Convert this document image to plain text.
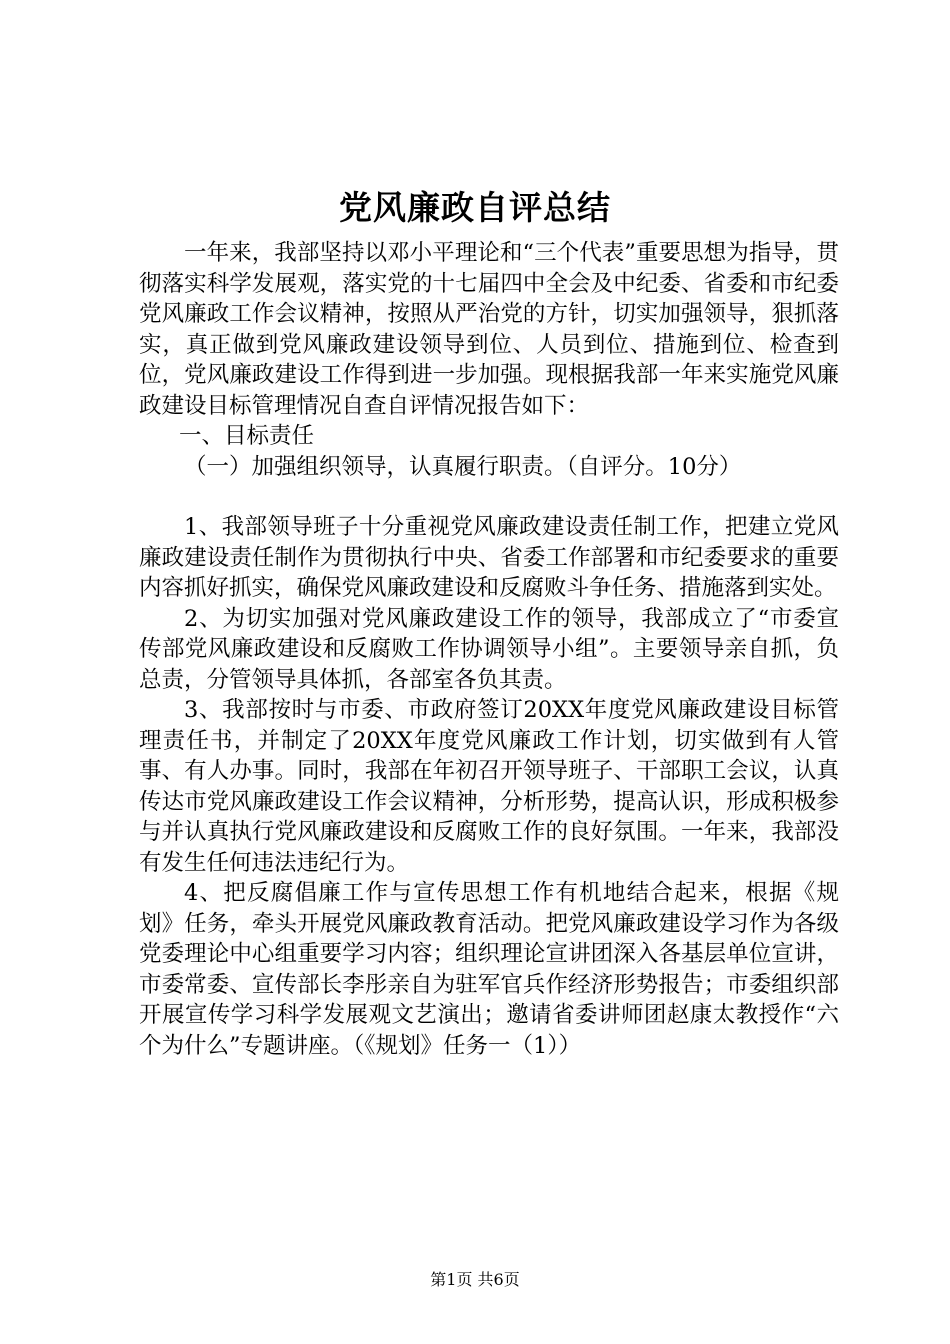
党风廉政自评总结

一年来，我部坚持以邓小平理论和“三个代表”重要思想为指导，贯彻落实科学发展观，落实党的十七届四中全会及中纪委、省委和市纪委党风廉政工作会议精神，按照从严治党的方针，切实加强领导，狠抓落实，真正做到党风廉政建设领导到位、人员到位、措施到位、检查到位，党风廉政建设工作得到进一步加强。现根据我部一年来实施党风廉政建设目标管理情况自查自评情况报告如下：

一、目标责任

（一）加强组织领导，认真履行职责。（自评分。10分）

1、我部领导班子十分重视党风廉政建设责任制工作，把建立党风廉政建设责任制作为贯彻执行中央、省委工作部署和市纪委要求的重要内容抓好抓实，确保党风廉政建设和反腐败斗争任务、措施落到实处。

2、为切实加强对党风廉政建设工作的领导，我部成立了“市委宣传部党风廉政建设和反腐败工作协调领导小组”。主要领导亲自抓，负总责，分管领导具体抓，各部室各负其责。

3、我部按时与市委、市政府签订20XX年度党风廉政建设目标管理责任书，并制定了20XX年度党风廉政工作计划，切实做到有人管事、有人办事。同时，我部在年初召开领导班子、干部职工会议，认真传达市党风廉政建设工作会议精神，分析形势，提高认识，形成积极参与并认真执行党风廉政建设和反腐败工作的良好氛围。一年来，我部没有发生任何违法违纪行为。

4、把反腐倡廉工作与宣传思想工作有机地结合起来，根据《规划》任务，牵头开展党风廉政教育活动。把党风廉政建设学习作为各级党委理论中心组重要学习内容；组织理论宣讲团深入各基层单位宣讲，市委常委、宣传部长李彤亲自为驻军官兵作经济形势报告；市委组织部开展宣传学习科学发展观文艺演出；邀请省委讲师团赵康太教授作“六个为什么”专题讲座。（《规划》任务一（1））

第1页 共6页
